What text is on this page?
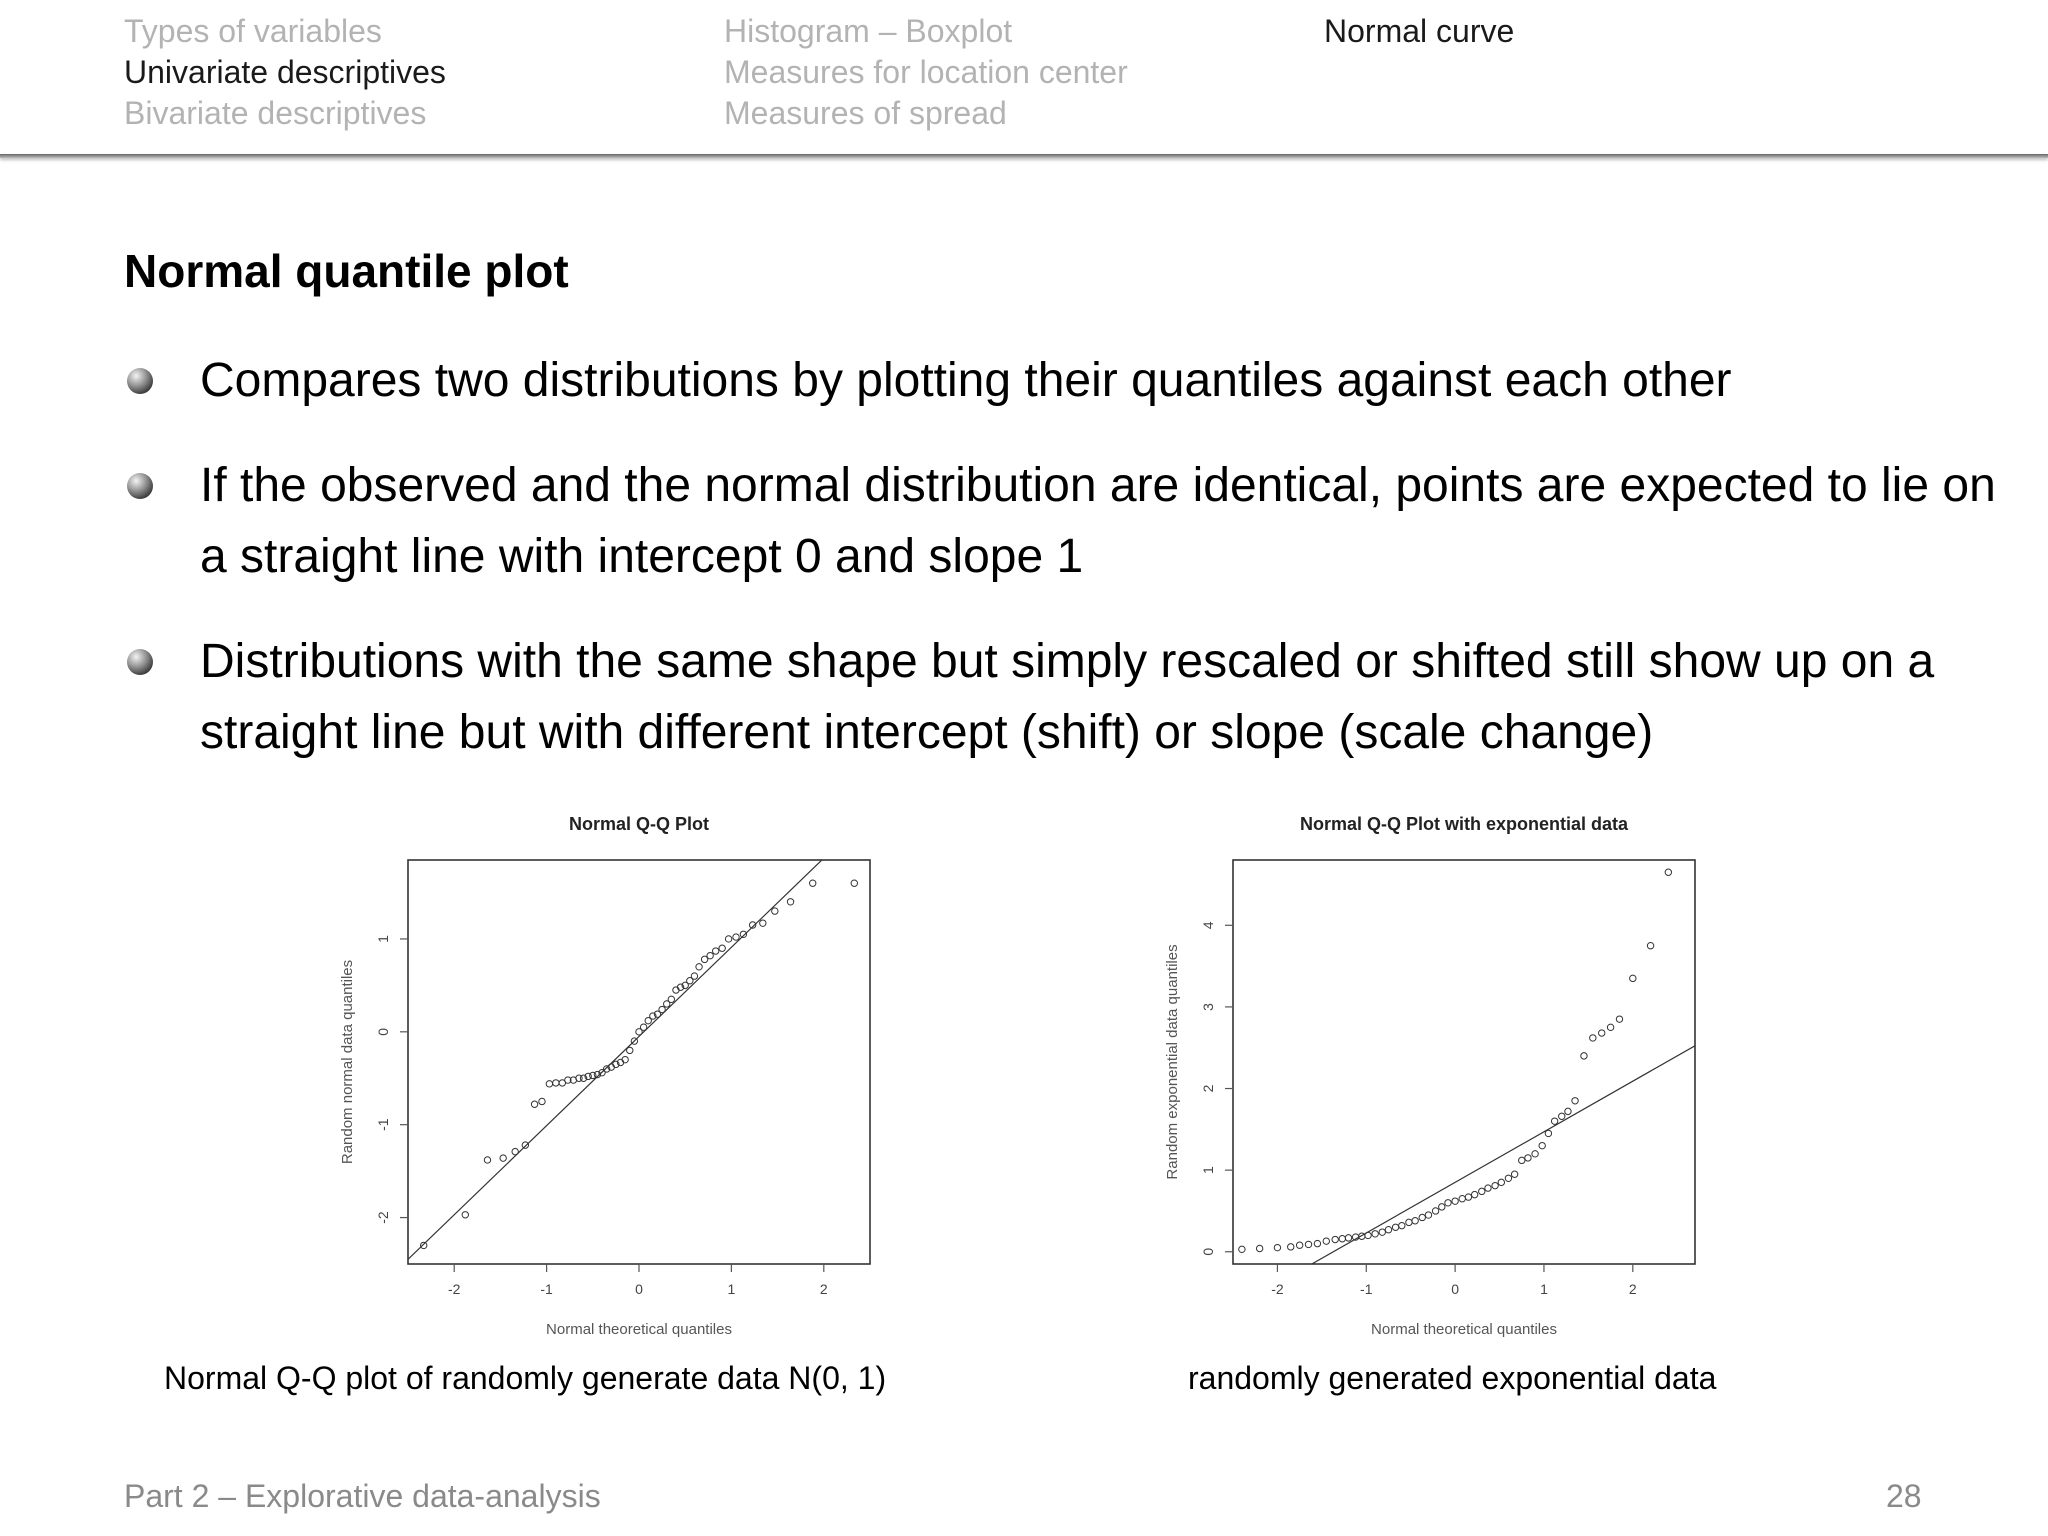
Types of variables
Univariate descriptives
Bivariate descriptives
Histogram – Boxplot
Measures for location center
Measures of spread
Normal curve
Normal quantile plot
Compares two distributions by plotting their quantiles against each other
If the observed and the normal distribution are identical, points are expected to lie on a straight line with intercept 0 and slope 1
Distributions with the same shape but simply rescaled or shifted still show up on a straight line but with different intercept (shift) or slope (scale change)
Normal Q-Q Plot
-2	-1	0	1	2
-2
-1
0
1
Normal theoretical quantiles
Random normal data quantiles
Normal Q-Q Plot with exponential data
-2	-1	0	1	2
0
1
2
3
4
Normal theoretical quantiles
Random exponential data quantiles
Normal Q-Q plot of randomly generate data N(0, 1)	randomly generated exponential data
Part 2 – Explorative data-analysis	28
